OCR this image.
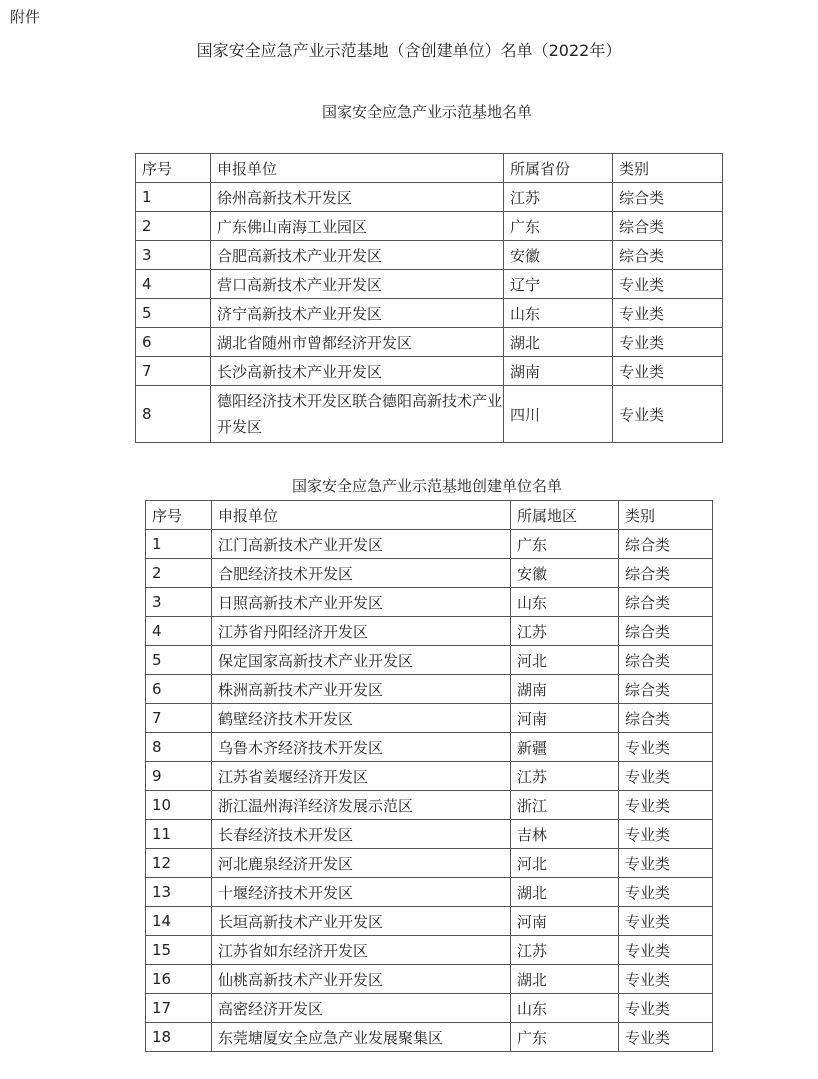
附件
国家安全应急产业示范基地（含创建单位）名单（2022年）
国家安全应急产业示范基地名单
序号	申报单位	所属省份	类别
1	徐州高新技术开发区	江苏	综合类
2	广东佛山南海工业园区	广东	综合类
3	合肥高新技术产业开发区	安徽	综合类
4	营口高新技术产业开发区	辽宁	专业类
5	济宁高新技术产业开发区	山东	专业类
6	湖北省随州市曾都经济开发区	湖北	专业类
7	长沙高新技术产业开发区	湖南	专业类
8	德阳经济技术开发区联合德阳高新技术产业开发区	四川	专业类
国家安全应急产业示范基地创建单位名单
序号	申报单位	所属地区	类别
1	江门高新技术产业开发区	广东	综合类
2	合肥经济技术开发区	安徽	综合类
3	日照高新技术产业开发区	山东	综合类
4	江苏省丹阳经济开发区	江苏	综合类
5	保定国家高新技术产业开发区	河北	综合类
6	株洲高新技术产业开发区	湖南	综合类
7	鹤壁经济技术开发区	河南	综合类
8	乌鲁木齐经济技术开发区	新疆	专业类
9	江苏省姜堰经济开发区	江苏	专业类
10	浙江温州海洋经济发展示范区	浙江	专业类
11	长春经济技术开发区	吉林	专业类
12	河北鹿泉经济开发区	河北	专业类
13	十堰经济技术开发区	湖北	专业类
14	长垣高新技术产业开发区	河南	专业类
15	江苏省如东经济开发区	江苏	专业类
16	仙桃高新技术产业开发区	湖北	专业类
17	高密经济开发区	山东	专业类
18	东莞塘厦安全应急产业发展聚集区	广东	专业类
